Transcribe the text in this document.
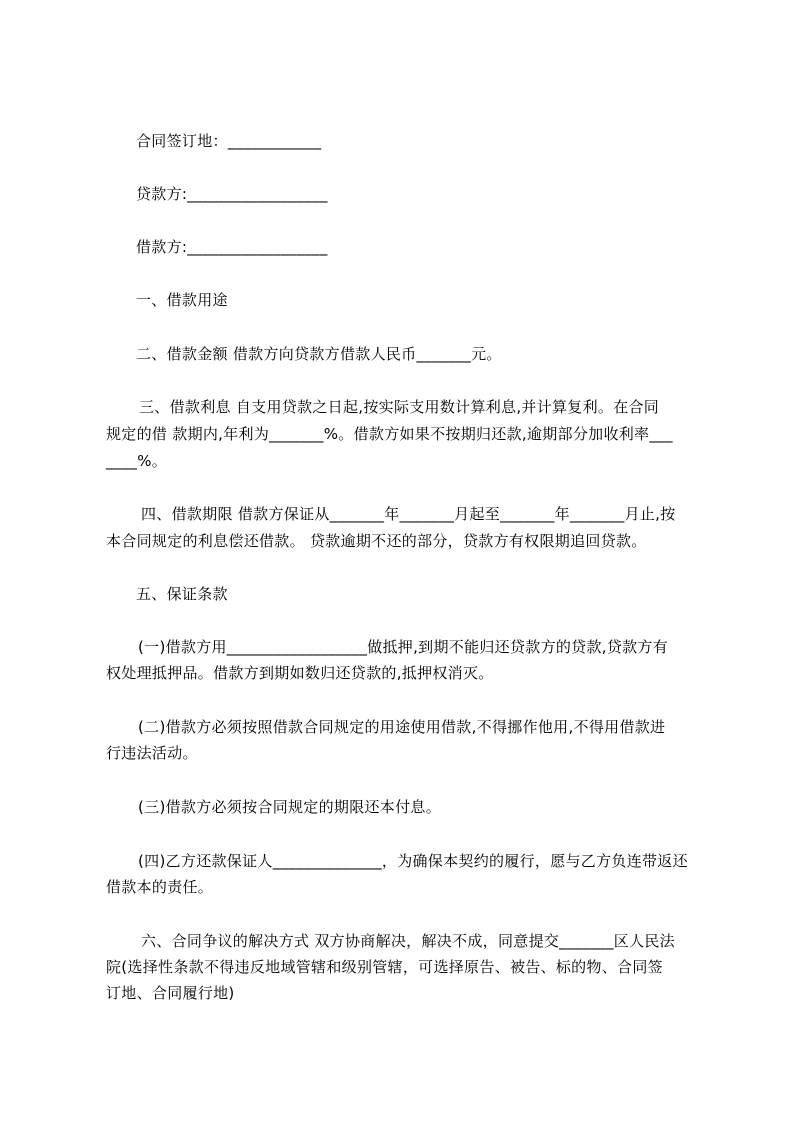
合同签订地：____________
贷款方:__________________
借款方:__________________
一、借款用途
二、借款金额 借款方向贷款方借款人民币_______元。
三、借款利息 自支用贷款之日起,按实际支用数计算利息,并计算复利。在合同
规定的借 款期内,年利为_______%。借款方如果不按期归还款,逾期部分加收利率___
____%。
四、借款期限 借款方保证从_______年_______月起至_______年_______月止,按
本合同规定的利息偿还借款。 贷款逾期不还的部分，贷款方有权限期追回贷款。
五、保证条款
(一)借款方用__________________做抵押,到期不能归还贷款方的贷款,贷款方有
权处理抵押品。借款方到期如数归还贷款的,抵押权消灭。
(二)借款方必须按照借款合同规定的用途使用借款,不得挪作他用,不得用借款进
行违法活动。
(三)借款方必须按合同规定的期限还本付息。
(四)乙方还款保证人______________，为确保本契约的履行，愿与乙方负连带返还
借款本的责任。
六、合同争议的解决方式 双方协商解决，解决不成，同意提交_______区人民法
院(选择性条款不得违反地域管辖和级别管辖，可选择原告、被告、标的物、合同签
订地、合同履行地)
